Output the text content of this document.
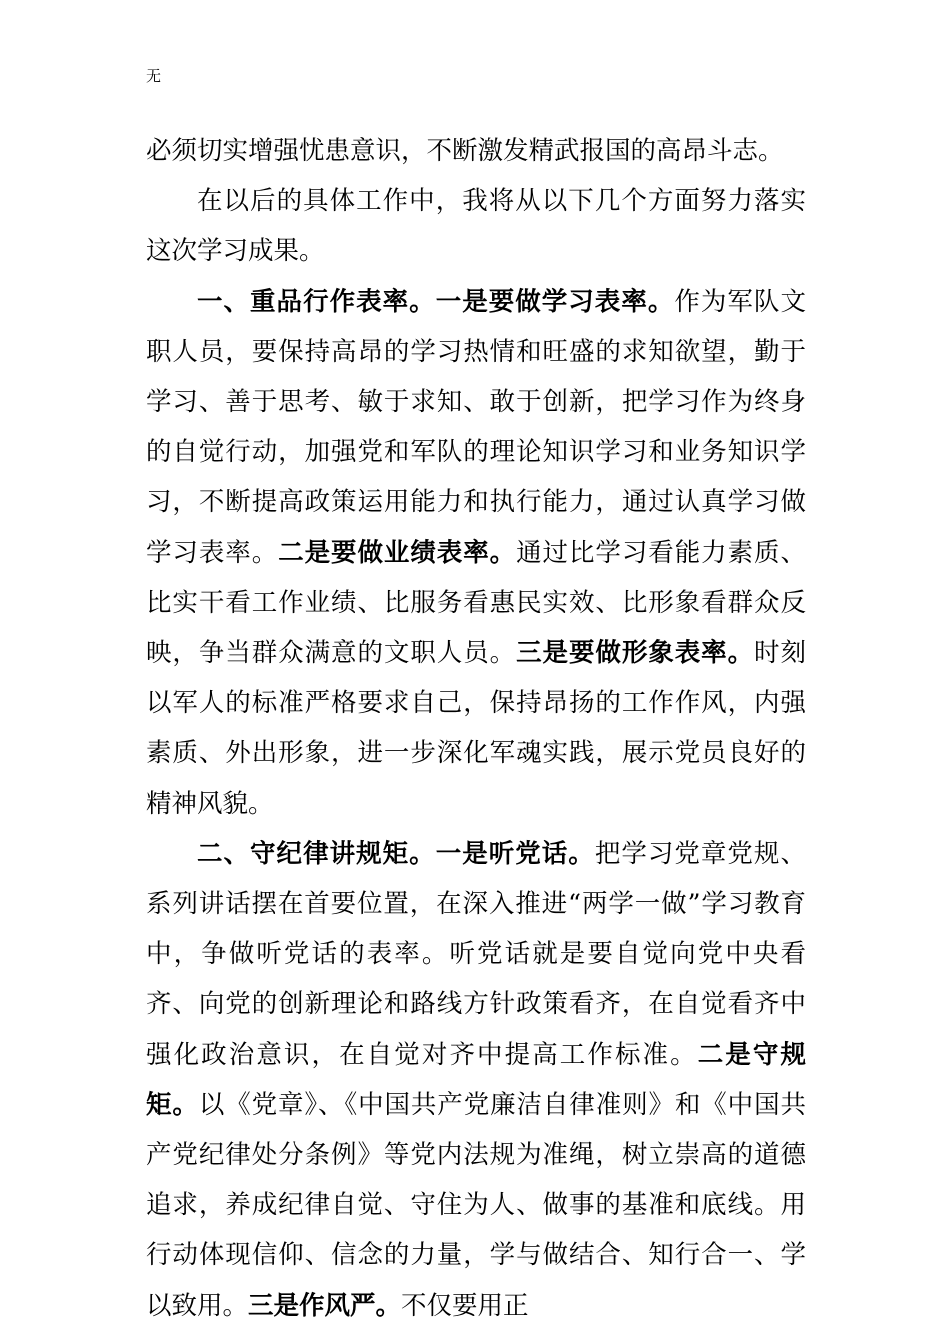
无

必须切实增强忧患意识，不断激发精武报国的高昂斗志。

在以后的具体工作中，我将从以下几个方面努力落实这次学习成果。

一、重品行作表率。一是要做学习表率。作为军队文职人员，要保持高昂的学习热情和旺盛的求知欲望，勤于学习、善于思考、敏于求知、敢于创新，把学习作为终身的自觉行动，加强党和军队的理论知识学习和业务知识学习，不断提高政策运用能力和执行能力，通过认真学习做学习表率。二是要做业绩表率。通过比学习看能力素质、比实干看工作业绩、比服务看惠民实效、比形象看群众反映，争当群众满意的文职人员。三是要做形象表率。时刻以军人的标准严格要求自己，保持昂扬的工作作风，内强素质、外出形象，进一步深化军魂实践，展示党员良好的精神风貌。

二、守纪律讲规矩。一是听党话。把学习党章党规、系列讲话摆在首要位置，在深入推进“两学一做”学习教育中，争做听党话的表率。听党话就是要自觉向党中央看齐、向党的创新理论和路线方针政策看齐，在自觉看齐中强化政治意识，在自觉对齐中提高工作标准。二是守规矩。以《党章》、《中国共产党廉洁自律准则》和《中国共产党纪律处分条例》等党内法规为准绳，树立崇高的道德追求，养成纪律自觉、守住为人、做事的基准和底线。用行动体现信仰、信念的力量，学与做结合、知行合一、学以致用。三是作风严。不仅要用正
